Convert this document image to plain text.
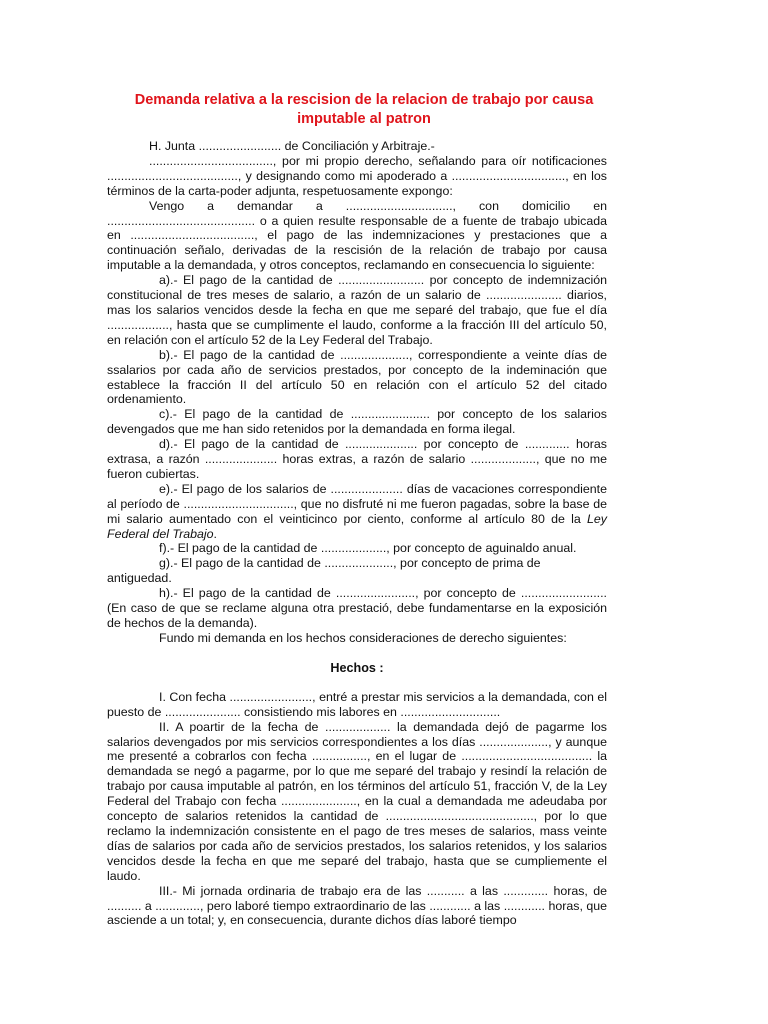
Demanda relativa a la rescision de la relacion de trabajo por causa imputable al patron

H. Junta ........................ de Conciliación y Arbitraje.-

...................................., por mi propio derecho, señalando para oír notificaciones ......................................, y designando como mi apoderado a ................................., en los términos de la carta-poder adjunta, respetuosamente expongo:

Vengo a demandar a ..............................., con domicilio en ........................................... o a quien resulte responsable de a fuente de trabajo ubicada en ...................................., el pago de las indemnizaciones y prestaciones que a continuación señalo, derivadas de la rescisión de la relación de trabajo por causa imputable a la demandada, y otros conceptos, reclamando en consecuencia lo siguiente:

a).- El pago de la cantidad de ......................... por concepto de indemnización constitucional de tres meses de salario, a razón de un salario de ...................... diarios, mas los salarios vencidos desde la fecha en que me separé del trabajo, que fue el día .................., hasta que se cumplimente el laudo, conforme a la fracción III del artículo 50, en relación con el artículo 52 de la Ley Federal del Trabajo.

b).- El pago de la cantidad de ...................., correspondiente a veinte días de ssalarios por cada año de servicios prestados, por concepto de la indeminación que establece la fracción II del artículo 50 en relación con el artículo 52 del citado ordenamiento.

c).- El pago de la cantidad de ....................... por concepto de los salarios devengados que me han sido retenidos por la demandada en forma ilegal.

d).- El pago de la cantidad de ..................... por concepto de ............. horas extrasa, a razón ..................... horas extras, a razón de salario ..................., que no me fueron cubiertas.

e).- El pago de los salarios de ..................... días de vacaciones correspondiente al período de ................................, que no disfruté ni me fueron pagadas, sobre la base de mi salario aumentado con el veinticinco por ciento, conforme al artículo 80 de la Ley Federal del Trabajo.

f).- El pago de la cantidad de ..................., por concepto de aguinaldo anual.

g).- El pago de la cantidad de ...................., por concepto de prima de antiguedad.

h).- El pago de la cantidad de ......................., por concepto de ......................... (En caso de que se reclame alguna otra prestació, debe fundamentarse en la exposición de hechos de la demanda).

Fundo mi demanda en los hechos consideraciones de derecho siguientes:

Hechos :

I. Con fecha ........................, entré a prestar mis servicios a la demandada, con el puesto de ...................... consistiendo mis labores en .............................

II. A poartir de la fecha de ................... la demandada dejó de pagarme los salarios devengados por mis servicios correspondientes a los días ...................., y aunque me presenté a cobrarlos con fecha ................, en el lugar de ...................................... la demandada se negó a pagarme, por lo que me separé del trabajo y resindí la relación de trabajo por causa imputable al patrón, en los términos del artículo 51, fracción V, de la Ley Federal del Trabajo con fecha ......................, en la cual a demandada me adeudaba por concepto de salarios retenidos la cantidad de ..........................................., por lo que reclamo la indemnización consistente en el pago de tres meses de salarios, mass veinte días de salarios por cada año de servicios prestados, los salarios retenidos, y los salarios vencidos desde la fecha en que me separé del trabajo, hasta que se cumpliemente el laudo.

III.- Mi jornada ordinaria de trabajo era de las ........... a las ............. horas, de .......... a ............., pero laboré tiempo extraordinario de las ............ a las ............ horas, que asciende a un total; y, en consecuencia, durante dichos días laboré tiempo
